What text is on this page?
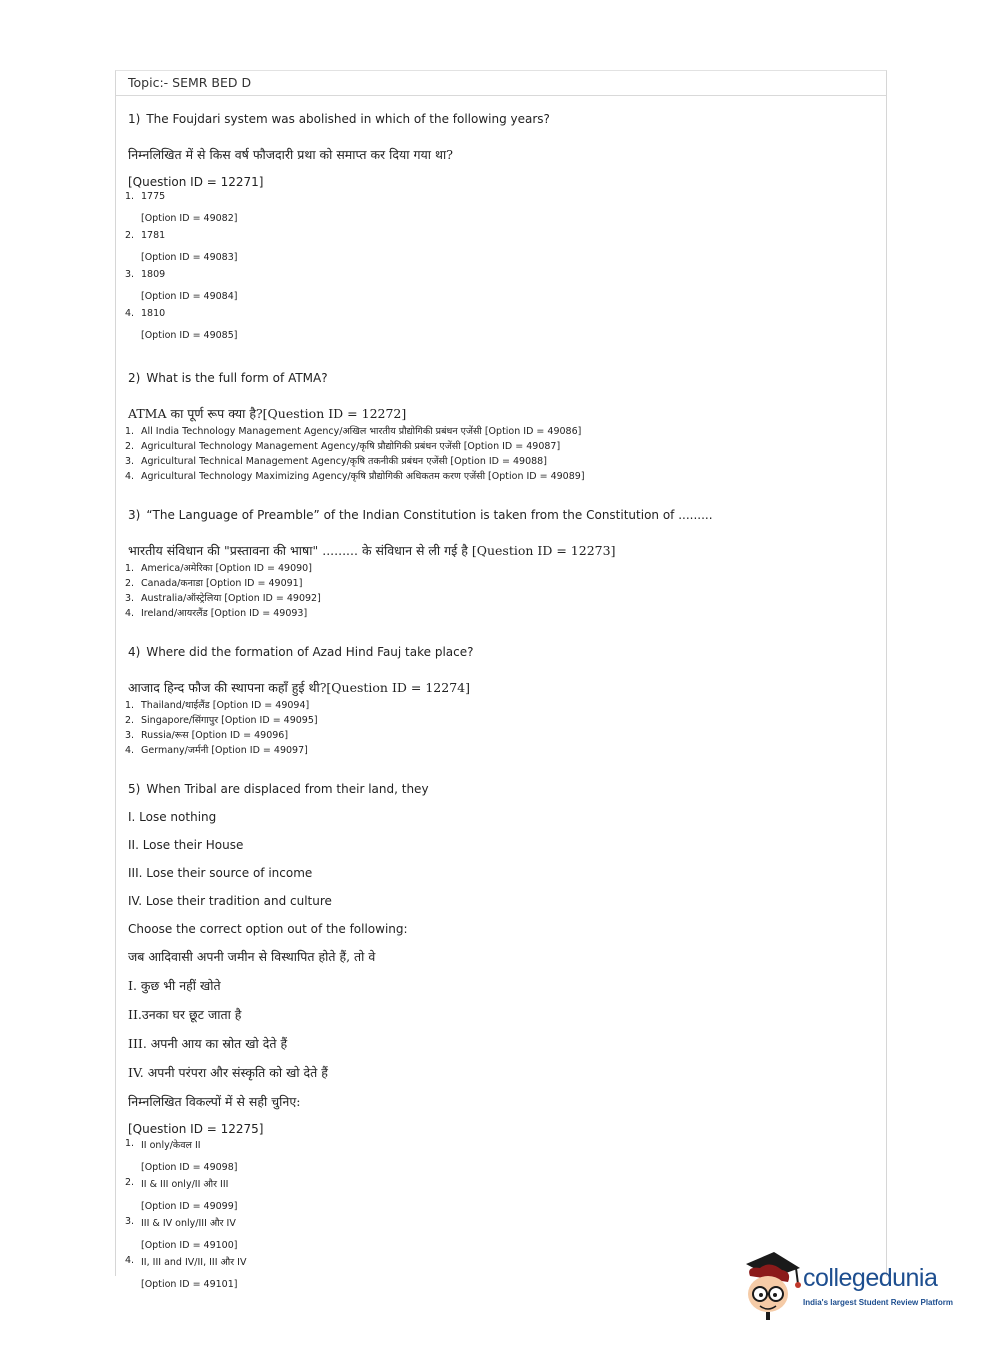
Topic:- SEMR BED D

1) The Foujdari system was abolished in which of the following years?

निम्नलिखित में से किस वर्ष फौजदारी प्रथा को समाप्त कर दिया गया था?

[Question ID = 12271]
1. 1775
[Option ID = 49082]
2. 1781
[Option ID = 49083]
3. 1809
[Option ID = 49084]
4. 1810
[Option ID = 49085]

2) What is the full form of ATMA?

ATMA का पूर्ण रूप क्या है?[Question ID = 12272]

1. All India Technology Management Agency/अखिल भारतीय प्रौद्योगिकी प्रबंधन एजेंसी [Option ID = 49086]
2. Agricultural Technology Management Agency/कृषि प्रौद्योगिकी प्रबंधन एजेंसी [Option ID = 49087]
3. Agricultural Technical Management Agency/कृषि तकनीकी प्रबंधन एजेंसी [Option ID = 49088]
4. Agricultural Technology Maximizing Agency/कृषि प्रौद्योगिकी अधिकतम करण एजेंसी [Option ID = 49089]

3) “The Language of Preamble” of the Indian Constitution is taken from the Constitution of .........

भारतीय संविधान की "प्रस्तावना की भाषा" ......... के संविधान से ली गई है [Question ID = 12273]

1. America/अमेरिका [Option ID = 49090]
2. Canada/कनाडा [Option ID = 49091]
3. Australia/ऑस्ट्रेलिया [Option ID = 49092]
4. Ireland/आयरलैंड [Option ID = 49093]

4) Where did the formation of Azad Hind Fauj take place?

आजाद हिन्द फौज की स्थापना कहाँ हुई थी?[Question ID = 12274]

1. Thailand/थाईलैंड [Option ID = 49094]
2. Singapore/सिंगापुर [Option ID = 49095]
3. Russia/रूस [Option ID = 49096]
4. Germany/जर्मनी [Option ID = 49097]

5) When Tribal are displaced from their land, they

I. Lose nothing

II. Lose their House

III. Lose their source of income

IV. Lose their tradition and culture

Choose the correct option out of the following:

जब आदिवासी अपनी जमीन से विस्थापित होते हैं, तो वे

I. कुछ भी नहीं खोते

II.उनका घर छूट जाता है

III. अपनी आय का स्रोत खो देते हैं

IV. अपनी परंपरा और संस्कृति को खो देते हैं

निम्नलिखित विकल्पों में से सही चुनिए:

[Question ID = 12275]
1. II only/केवल II
[Option ID = 49098]
2. II & III only/II और III
[Option ID = 49099]
3. III & IV only/III और IV
[Option ID = 49100]
4. II, III and IV/II, III और IV
[Option ID = 49101]	collegedunia
India's largest Student Review Platform
